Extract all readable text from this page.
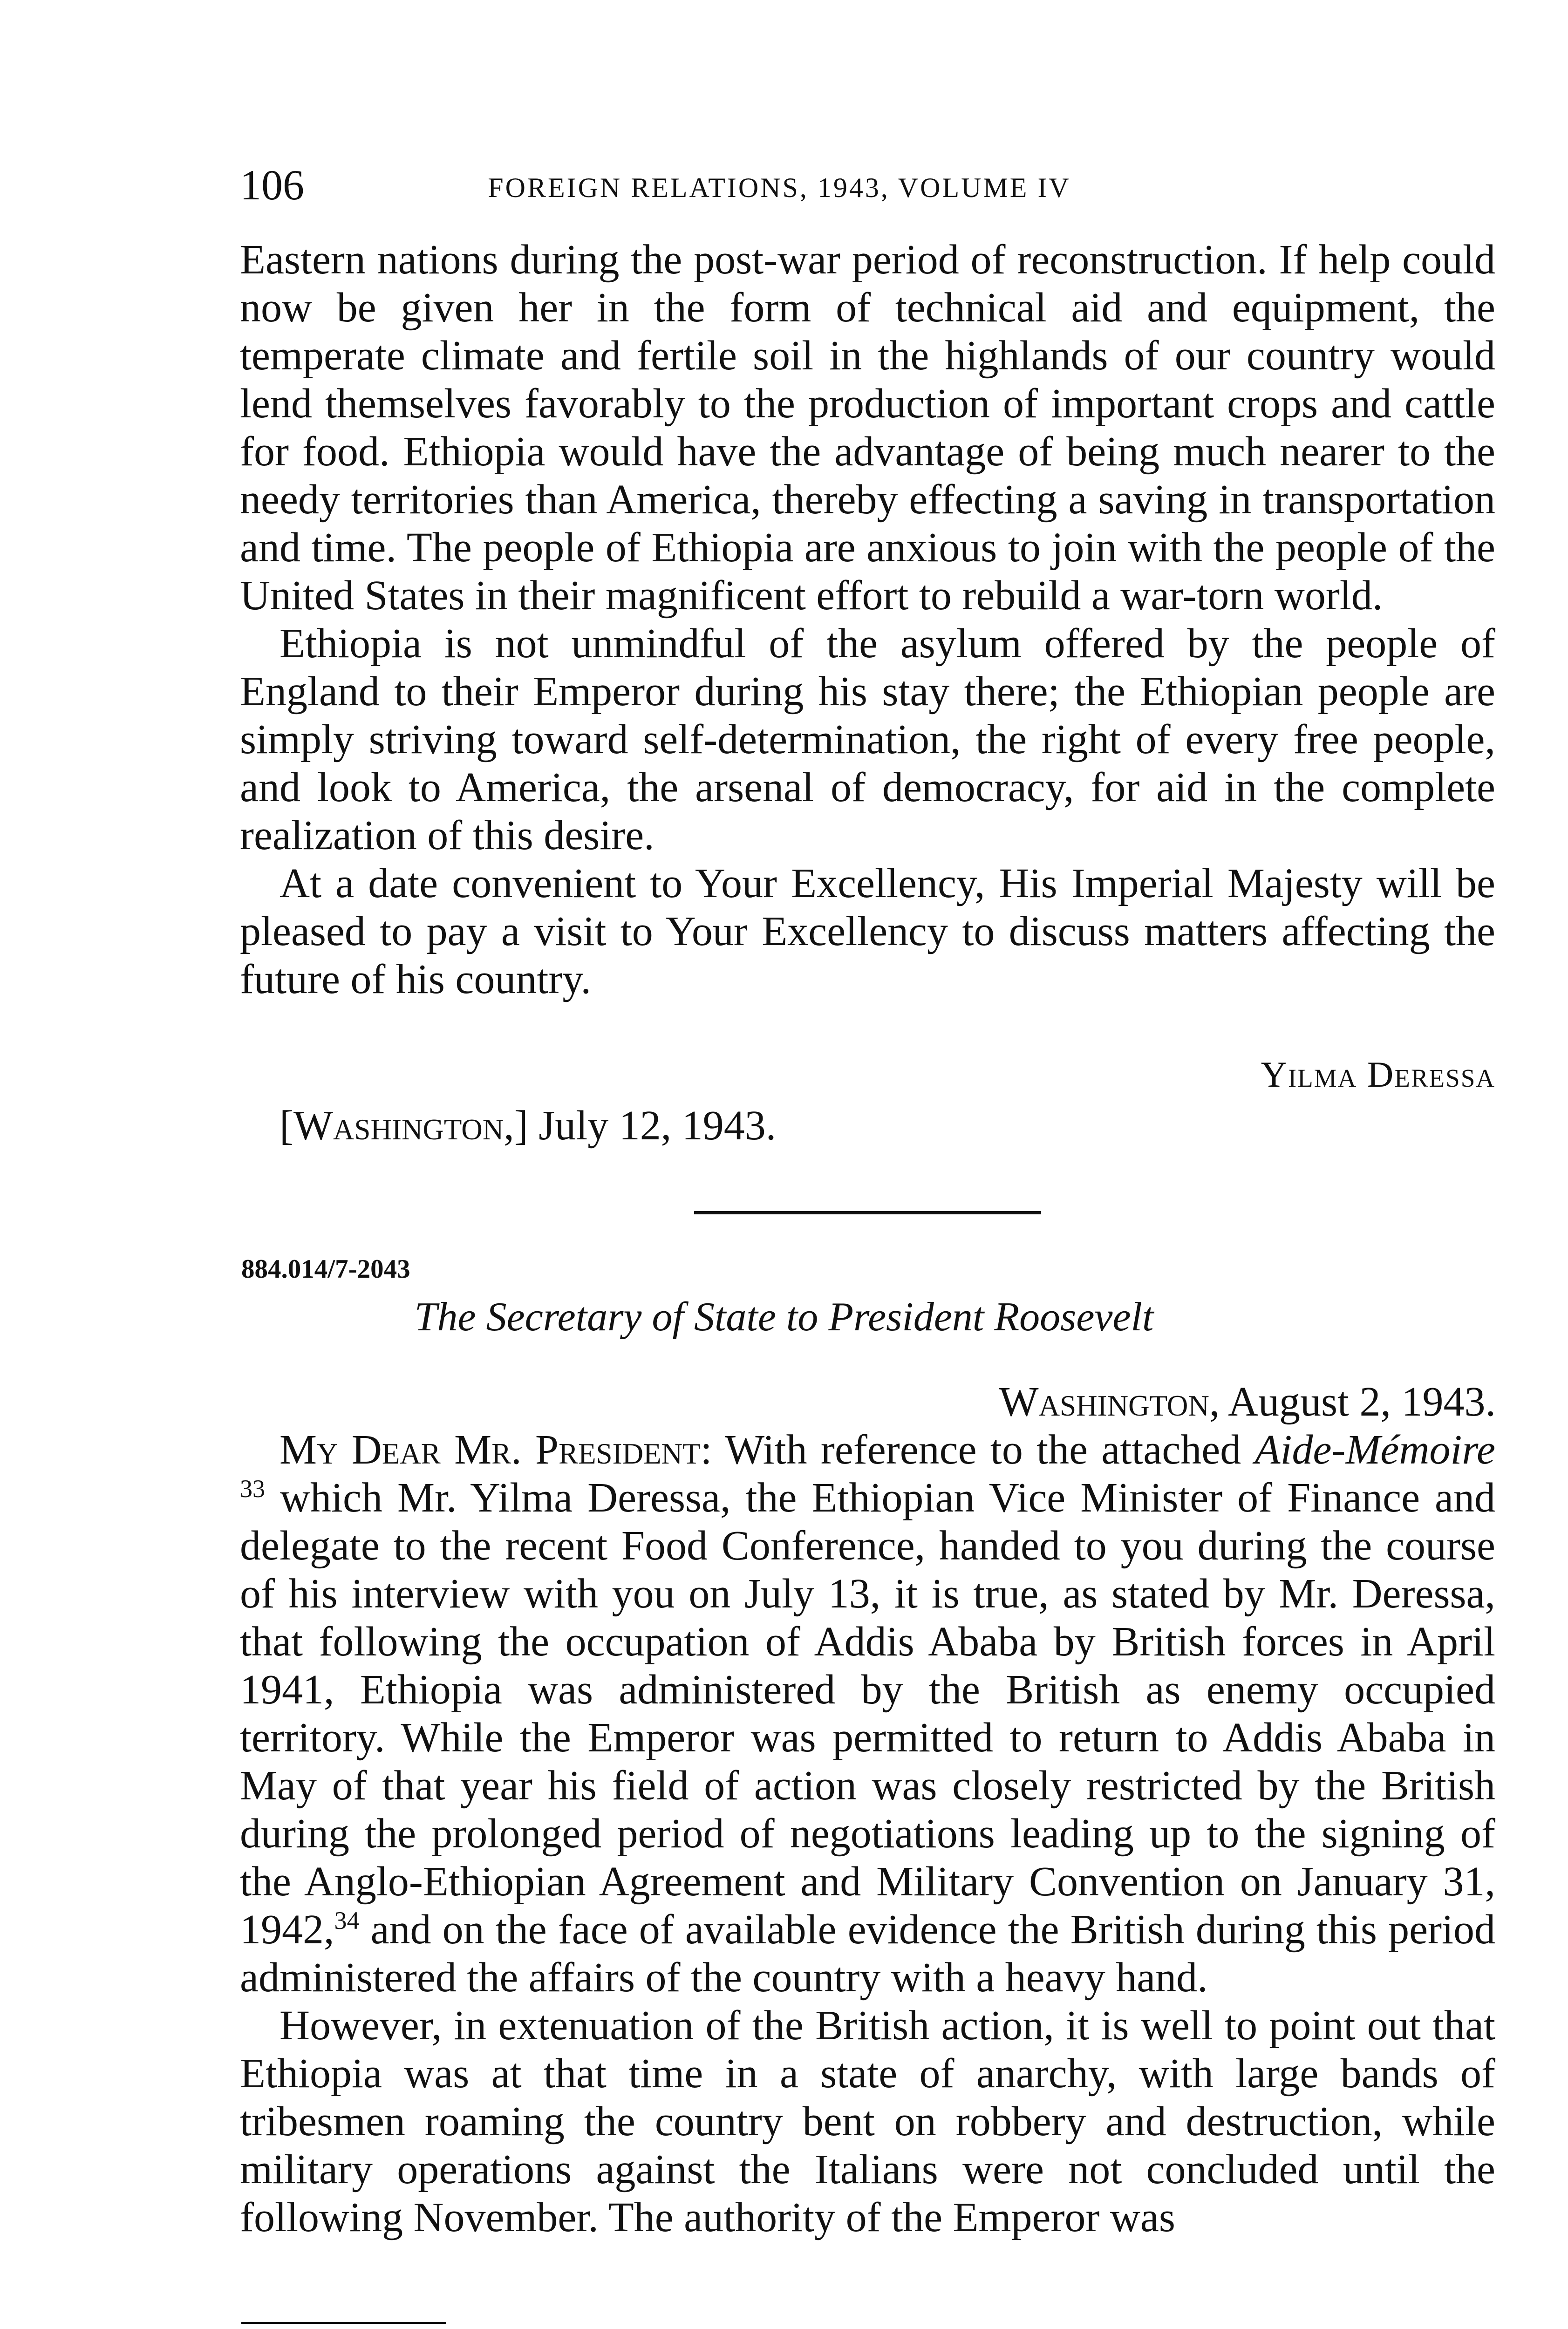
106	FOREIGN RELATIONS, 1943, VOLUME IV

Eastern nations during the post-war period of reconstruction. If help could now be given her in the form of technical aid and equipment, the temperate climate and fertile soil in the highlands of our country would lend themselves favorably to the production of important crops and cattle for food. Ethiopia would have the advantage of being much nearer to the needy territories than America, thereby effecting a saving in transportation and time. The people of Ethiopia are anxious to join with the people of the United States in their magnificent effort to rebuild a war-torn world.

Ethiopia is not unmindful of the asylum offered by the people of England to their Emperor during his stay there; the Ethiopian people are simply striving toward self-determination, the right of every free people, and look to America, the arsenal of democracy, for aid in the complete realization of this desire.

At a date convenient to Your Excellency, His Imperial Majesty will be pleased to pay a visit to Your Excellency to discuss matters affecting the future of his country.

Yilma Deressa
[Washington,] July 12, 1943.
884.014/7-2043
The Secretary of State to President Roosevelt
Washington, August 2, 1943.

My Dear Mr. President: With reference to the attached Aide-Mémoire $^{33}$ which Mr. Yilma Deressa, the Ethiopian Vice Minister of Finance and delegate to the recent Food Conference, handed to you during the course of his interview with you on July 13, it is true, as stated by Mr. Deressa, that following the occupation of Addis Ababa by British forces in April 1941, Ethiopia was administered by the British as enemy occupied territory. While the Emperor was permitted to return to Addis Ababa in May of that year his field of action was closely restricted by the British during the prolonged period of negotiations leading up to the signing of the Anglo-Ethiopian Agreement and Military Convention on January 31, 1942,34 and on the face of available evidence the British during this period administered the affairs of the country with a heavy hand.

However, in extenuation of the British action, it is well to point out that Ethiopia was at that time in a state of anarchy, with large bands of tribesmen roaming the country bent on robbery and destruction, while military operations against the Italians were not concluded until the following November. The authority of the Emperor was
